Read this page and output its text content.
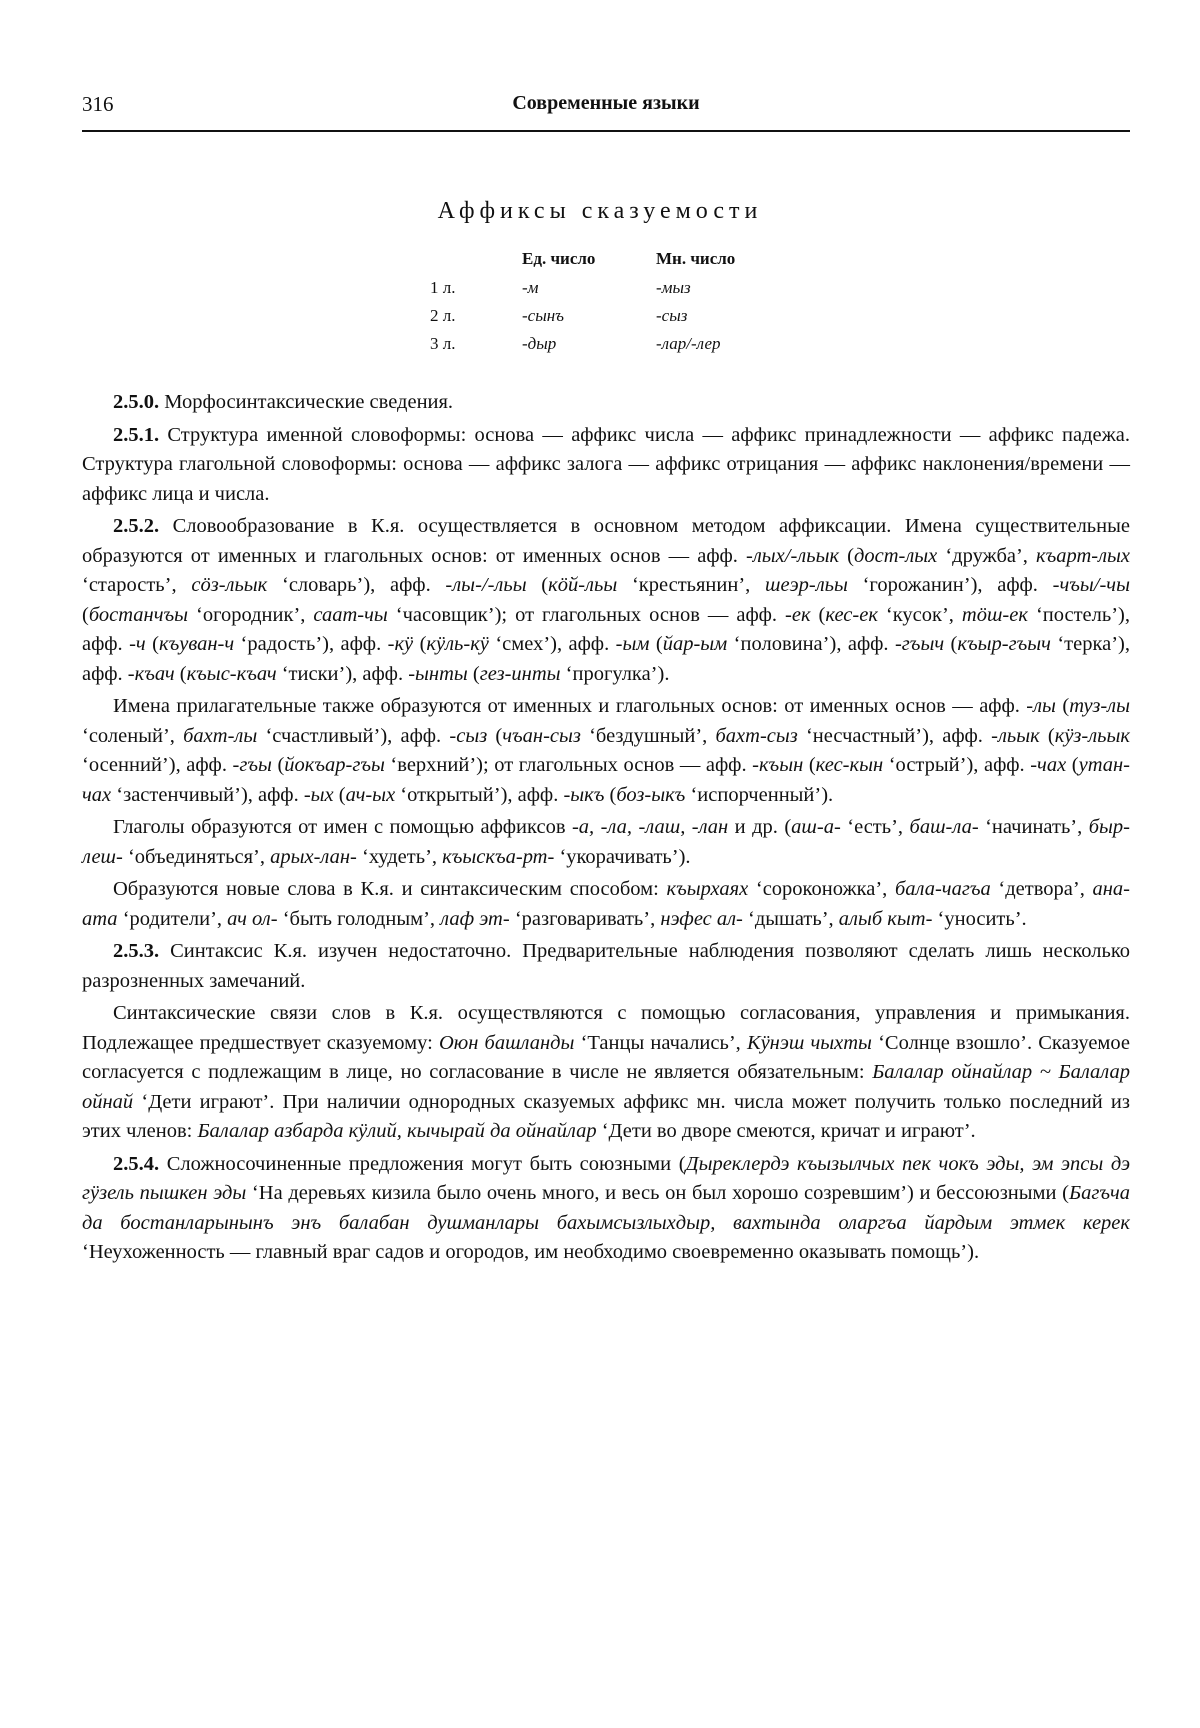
316	Современные языки
Аффиксы сказуемости
	Ед. число	Мн. число
1 л.	-м	-мыз
2 л.	-сынъ	-сыз
3 л.	-дыр	-лар/-лер

2.5.0. Морфосинтаксические сведения.

2.5.1. Структура именной словоформы: основа — аффикс числа — аффикс принадлежности — аффикс падежа. Структура глагольной словоформы: основа — аффикс залога — аффикс отрицания — аффикс наклонения/времени — аффикс лица и числа.

2.5.2. Словообразование в К.я. осуществляется в основном методом аффиксации. Имена существительные образуются от именных и глагольных основ: от именных основ — афф. -лых/-льык (дост-лых ‘дружба’, къарт-лых ‘старость’, сöз-льык ‘словарь’), афф. -лы-/-льы (кöй-льы ‘крестьянин’, шеэр-льы ‘горожанин’), афф. -чъы/-чы (бостанчъы ‘огородник’, саат-чы ‘часовщик’); от глагольных основ — афф. -ек (кес-ек ‘кусок’, тöш-ек ‘постель’), афф. -ч (къуван-ч ‘радость’), афф. -кÿ (кÿль-кÿ ‘смех’), афф. -ым (йар-ым ‘половина’), афф. -гъыч (къыр-гъыч ‘терка’), афф. -къач (къыс-къач ‘тиски’), афф. -ынты (гез-инты ‘прогулка’).

Имена прилагательные также образуются от именных и глагольных основ: от именных основ — афф. -лы (туз-лы ‘соленый’, бахт-лы ‘счастливый’), афф. -сыз (чъан-сыз ‘бездушный’, бахт-сыз ‘несчастный’), афф. -льык (кÿз-льык ‘осенний’), афф. -гъы (йокъар-гъы ‘верхний’); от глагольных основ — афф. -къын (кес-кын ‘острый’), афф. -чах (утан-чах ‘застенчивый’), афф. -ых (ач-ых ‘открытый’), афф. -ыкъ (боз-ыкъ ‘испорченный’).

Глаголы образуются от имен с помощью аффиксов -а, -ла, -лаш, -лан и др. (аш-а- ‘есть’, баш-ла- ‘начинать’, быр-леш- ‘объединяться’, арых-лан- ‘худеть’, къыскъа-рт- ‘укорачивать’).

Образуются новые слова в К.я. и синтаксическим способом: къырхаях ‘сороконожка’, бала-чагъа ‘детвора’, ана-ата ‘родители’, ач ол- ‘быть голодным’, лаф эт- ‘разговаривать’, нэфес ал- ‘дышать’, алыб кыт- ‘уносить’.

2.5.3. Синтаксис К.я. изучен недостаточно. Предварительные наблюдения позволяют сделать лишь несколько разрозненных замечаний.

Синтаксические связи слов в К.я. осуществляются с помощью согласования, управления и примыкания. Подлежащее предшествует сказуемому: Оюн башланды ‘Танцы начались’, Кÿнэш чыхты ‘Солнце взошло’. Сказуемое согласуется с подлежащим в лице, но согласование в числе не является обязательным: Балалар ойнайлар ~ Балалар ойнай ‘Дети играют’. При наличии однородных сказуемых аффикс мн. числа может получить только последний из этих членов: Балалар азбарда кÿлий, кычырай да ойнайлар ‘Дети во дворе смеются, кричат и играют’.

2.5.4. Сложносочиненные предложения могут быть союзными (Дыреклердэ къызылчых пек чокъ эды, эм эпсы дэ гÿзель пышкен эды ‘На деревьях кизила было очень много, и весь он был хорошо созревшим’) и бессоюзными (Багъча да бостанларынынъ энъ балабан душманлары бахымсызлыхдыр, вахтында оларгъа йардым этмек керек ‘Неухоженность — главный враг садов и огородов, им необходимо своевременно оказывать помощь’).
